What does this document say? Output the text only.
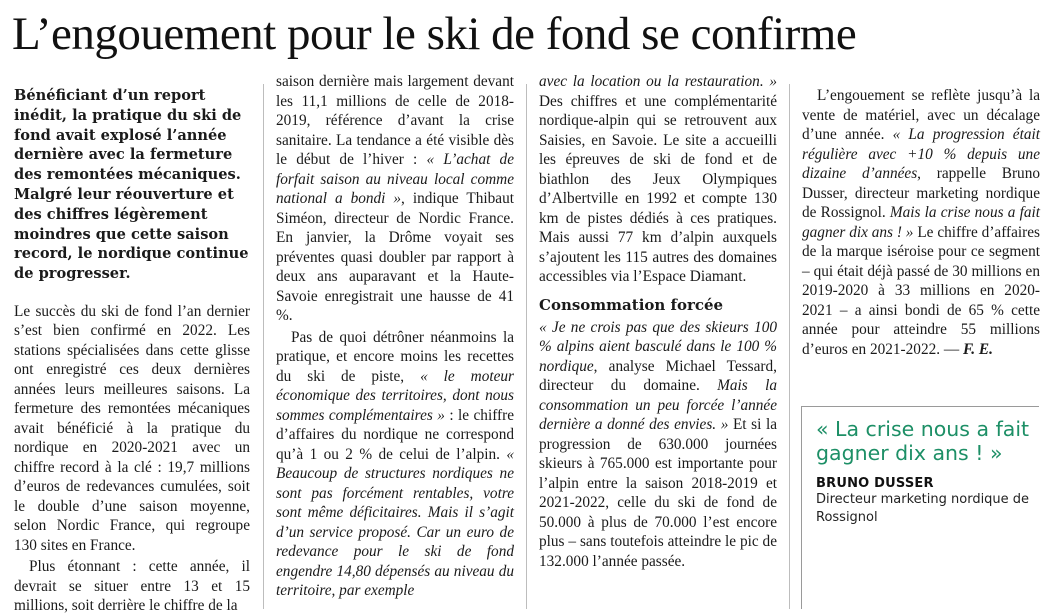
L’engouement pour le ski de fond se confirme

Bénéficiant d’un report inédit, la pratique du ski de fond avait explosé l’année dernière avec la fermeture des remontées mécaniques. Malgré leur réouverture et des chiffres légèrement moindres que cette saison record, le nordique continue de progresser.

Le succès du ski de fond l’an dernier s’est bien confirmé en 2022. Les stations spécialisées dans cette glisse ont enregistré ces deux dernières années leurs meilleures saisons. La fermeture des remontées mécaniques avait bénéficié à la pratique du nordique en 2020-2021 avec un chiffre record à la clé : 19,7 millions d’euros de redevances cumulées, soit le double d’une saison moyenne, selon Nordic France, qui regroupe 130 sites en France.

Plus étonnant : cette année, il devrait se situer entre 13 et 15 millions, soit derrière le chiffre de la

saison dernière mais largement devant les 11,1 millions de celle de 2018-2019, référence d’avant la crise sanitaire. La tendance a été visible dès le début de l’hiver : « L’achat de forfait saison au niveau local comme national a bondi », indique Thibaut Siméon, directeur de Nordic France. En janvier, la Drôme voyait ses préventes quasi doubler par rapport à deux ans auparavant et la Haute-Savoie enregistrait une hausse de 41 %.

Pas de quoi détrôner néanmoins la pratique, et encore moins les recettes du ski de piste, « le moteur économique des territoires, dont nous sommes complémentaires » : le chiffre d’affaires du nordique ne correspond qu’à 1 ou 2 % de celui de l’alpin. « Beaucoup de structures nordiques ne sont pas forcément rentables, votre sont même déficitaires. Mais il s’agit d’un service proposé. Car un euro de redevance pour le ski de fond engendre 14,80 dépensés au niveau du territoire, par exemple

avec la location ou la restauration. » Des chiffres et une complémentarité nordique-alpin qui se retrouvent aux Saisies, en Savoie. Le site a accueilli les épreuves de ski de fond et de biathlon des Jeux Olympiques d’Albertville en 1992 et compte 130 km de pistes dédiés à ces pratiques. Mais aussi 77 km d’alpin auxquels s’ajoutent les 115 autres des domaines accessibles via l’Espace Diamant.

Consommation forcée

« Je ne crois pas que des skieurs 100 % alpins aient basculé dans le 100 % nordique, analyse Michael Tessard, directeur du domaine. Mais la consommation un peu forcée l’année dernière a donné des envies. » Et si la progression de 630.000 journées skieurs à 765.000 est importante pour l’alpin entre la saison 2018-2019 et 2021-2022, celle du ski de fond de 50.000 à plus de 70.000 l’est encore plus – sans toutefois atteindre le pic de 132.000 l’année passée.

L’engouement se reflète jusqu’à la vente de matériel, avec un décalage d’une année. « La progression était régulière avec +10 % depuis une dizaine d’années, rappelle Bruno Dusser, directeur marketing nordique de Rossignol. Mais la crise nous a fait gagner dix ans ! » Le chiffre d’affaires de la marque iséroise pour ce segment – qui était déjà passé de 30 millions en 2019-2020 à 33 millions en 2020-2021 – a ainsi bondi de 65 % cette année pour atteindre 55 millions d’euros en 2021-2022. — F. E.

« La crise nous a fait gagner dix ans ! »
BRUNO DUSSER
Directeur marketing nordique de Rossignol
